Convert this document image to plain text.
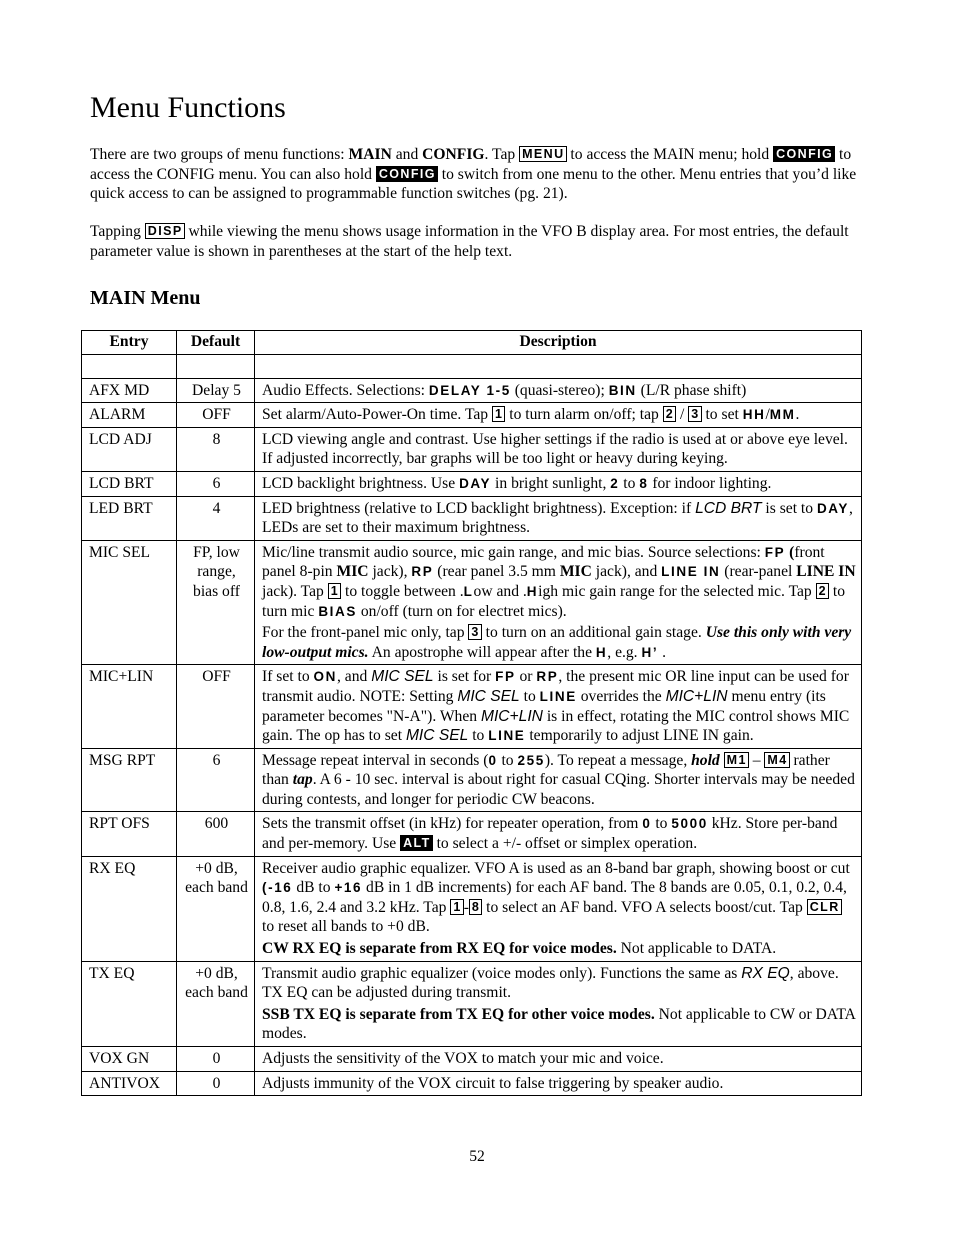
Menu Functions

There are two groups of menu functions: MAIN and CONFIG. Tap MENU to access the MAIN menu; hold CONFIG to access the CONFIG menu. You can also hold CONFIG to switch from one menu to the other. Menu entries that you’d like quick access to can be assigned to programmable function switches (pg. 21).

Tapping DISP while viewing the menu shows usage information in the VFO B display area. For most entries, the default parameter value is shown in parentheses at the start of the help text.

MAIN Menu
Entry	Default	Description

AFX MD	Delay 5	Audio Effects. Selections: DELAY 1-5 (quasi-stereo); BIN (L/R phase shift)

ALARM	OFF	Set alarm/Auto-Power-On time. Tap 1 to turn alarm on/off; tap 2 / 3 to set HH/MM.

LCD ADJ	8	LCD viewing angle and contrast. Use higher settings if the radio is used at or above eye level. If adjusted incorrectly, bar graphs will be too light or heavy during keying.

LCD BRT	6	LCD backlight brightness. Use DAY in bright sunlight, 2 to 8 for indoor lighting.

LED BRT	4	LED brightness (relative to LCD backlight brightness). Exception: if LCD BRT is set to DAY, LEDs are set to their maximum brightness.

MIC SEL	FP, low range, bias off	Mic/line transmit audio source, mic gain range, and mic bias. Source selections: FP (front panel 8-pin MIC jack), RP (rear panel 3.5 mm MIC jack), and LINE IN (rear-panel LINE IN jack). Tap 1 to toggle between .Low and .High mic gain range for the selected mic. Tap 2 to turn mic BIAS on/off (turn on for electret mics).

For the front-panel mic only, tap 3 to turn on an additional gain stage. Use this only with very low-output mics. An apostrophe will appear after the H, e.g. H’ .

MIC+LIN	OFF	If set to ON, and MIC SEL is set for FP or RP, the present mic OR line input can be used for transmit audio. NOTE: Setting MIC SEL to LINE overrides the MIC+LIN menu entry (its parameter becomes "N-A"). When MIC+LIN is in effect, rotating the MIC control shows MIC gain. The op has to set MIC SEL to LINE temporarily to adjust LINE IN gain.

MSG RPT	6	Message repeat interval in seconds (0 to 255). To repeat a message, hold M1 – M4 rather than tap. A 6 - 10 sec. interval is about right for casual CQing. Shorter intervals may be needed during contests, and longer for periodic CW beacons.

RPT OFS	600	Sets the transmit offset (in kHz) for repeater operation, from 0 to 5000 kHz. Store per-band and per-memory. Use ALT to select a +/- offset or simplex operation.

RX EQ	+0 dB, each band	Receiver audio graphic equalizer. VFO A is used as an 8-band bar graph, showing boost or cut (-16 dB to +16 dB in 1 dB increments) for each AF band. The 8 bands are 0.05, 0.1, 0.2, 0.4, 0.8, 1.6, 2.4 and 3.2 kHz. Tap 1 - 8 to select an AF band. VFO A selects boost/cut. Tap CLR to reset all bands to +0 dB.

CW RX EQ is separate from RX EQ for voice modes. Not applicable to DATA.

TX EQ	+0 dB, each band	Transmit audio graphic equalizer (voice modes only). Functions the same as RX EQ, above. TX EQ can be adjusted during transmit.

SSB TX EQ is separate from TX EQ for other voice modes. Not applicable to CW or DATA modes.

VOX GN	0	Adjusts the sensitivity of the VOX to match your mic and voice.

ANTIVOX	0	Adjusts immunity of the VOX circuit to false triggering by speaker audio.

52
